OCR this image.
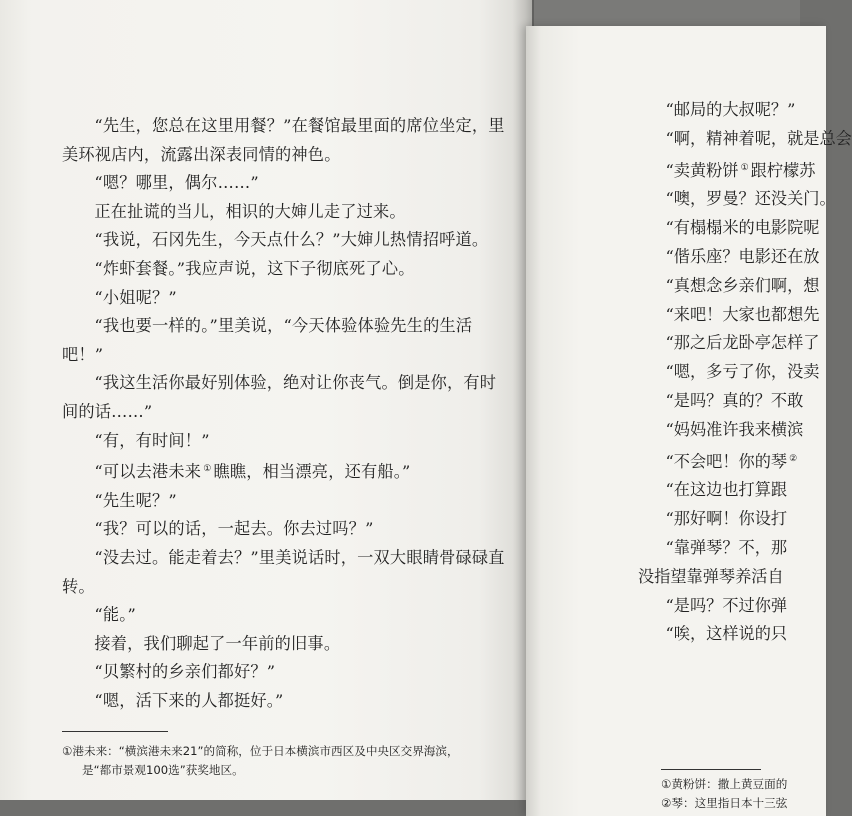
“先生，您总在这里用餐？”在餐馆最里面的席位坐定，里美环视店内，流露出深表同情的神色。

“嗯？哪里，偶尔……”

正在扯谎的当儿，相识的大婶儿走了过来。

“我说，石冈先生，今天点什么？”大婶儿热情招呼道。

“炸虾套餐。”我应声说，这下子彻底死了心。

“小姐呢？”

“我也要一样的。”里美说，“今天体验体验先生的生活吧！”

“我这生活你最好别体验，绝对让你丧气。倒是你，有时间的话……”

“有，有时间！”

“可以去港未来 ① 瞧瞧，相当漂亮，还有船。”

“先生呢？”

“我？可以的话，一起去。你去过吗？”

“没去过。能走着去？”里美说话时，一双大眼睛骨碌碌直转。

“能。”

接着，我们聊起了一年前的旧事。

“贝繁村的乡亲们都好？”

“嗯，活下来的人都挺好。”

①港未来：“横滨港未来21”的简称，位于日本横滨市西区及中央区交界海滨，
是“都市景观100选”获奖地区。

“邮局的大叔呢？”

“啊，精神着呢，就是总会

“卖黄粉饼 ① 跟柠檬苏

“噢，罗曼？还没关门。

“有榻榻米的电影院呢

“偕乐座？电影还在放

“真想念乡亲们啊，想

“来吧！大家也都想先

“那之后龙卧亭怎样了

“嗯，多亏了你，没卖

“是吗？真的？不敢

“妈妈准许我来横滨

“不会吧！你的琴 ②

“在这边也打算跟

“那好啊！你设打

“靠弹琴？不，那

没指望靠弹琴养活自

“是吗？不过你弹

“唉，这样说的只

①黄粉饼：撒上黄豆面的
②琴：这里指日本十三弦
